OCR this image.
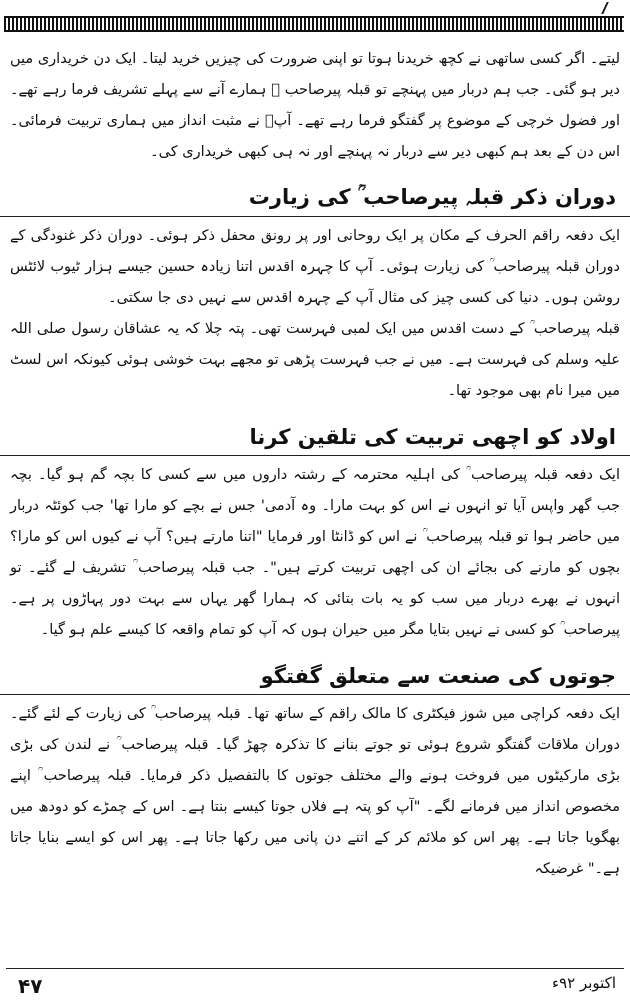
لیتے۔ اگر کسی ساتھی نے کچھ خریدنا ہوتا تو اپنی ضرورت کی چیزیں خرید لیتا۔ ایک دن خریداری میں دیر ہو گئی۔ جب ہم دربار میں پہنچے تو قبلہ پیرصاحب ؒ ہمارے آنے سے پہلے تشریف فرما رہے تھے۔ اور فضول خرچی کے موضوع پر گفتگو فرما رہے تھے۔ آپؒ نے مثبت انداز میں ہماری تربیت فرمائی۔ اس دن کے بعد ہم کبھی دیر سے دربار نہ پہنچے اور نہ ہی کبھی خریداری کی۔

دوران ذکر قبلہ پیرصاحب ؒ کی زیارت

ایک دفعہ راقم الحرف کے مکان پر ایک روحانی اور پر رونق محفل ذکر ہوئی۔ دوران ذکر غنودگی کے دوران قبلہ پیرصاحب ؒ کی زیارت ہوئی۔ آپ کا چہرہ اقدس اتنا زیادہ حسین جیسے ہزار ٹیوب لائٹس روشن ہوں۔ دنیا کی کسی چیز کی مثال آپ کے چہرہ اقدس سے نہیں دی جا سکتی۔

قبلہ پیرصاحب ؒ کے دست اقدس میں ایک لمبی فہرست تھی۔ پتہ چلا کہ یہ عشاقان رسول صلی اللہ علیہ وسلم کی فہرست ہے۔ میں نے جب فہرست پڑھی تو مجھے بہت خوشی ہوئی کیونکہ اس لسٹ میں میرا نام بھی موجود تھا۔

اولاد کو اچھی تربیت کی تلقین کرنا

ایک دفعہ قبلہ پیرصاحب ؒ کی اہلیہ محترمہ کے رشتہ داروں میں سے کسی کا بچہ گم ہو گیا۔ بچہ جب گھر واپس آیا تو انہوں نے اس کو بہت مارا۔ وہ آدمی' جس نے بچے کو مارا تھا' جب کوئٹہ دربار میں حاضر ہوا تو قبلہ پیرصاحب ؒ نے اس کو ڈانٹا اور فرمایا "اتنا مارتے ہیں؟ آپ نے کیوں اس کو مارا؟ بچوں کو مارنے کی بجائے ان کی اچھی تربیت کرتے ہیں"۔ جب قبلہ پیرصاحب ؒ تشریف لے گئے۔ تو انہوں نے بھرے دربار میں سب کو یہ بات بتائی کہ ہمارا گھر یہاں سے بہت دور پہاڑوں پر ہے۔ پیرصاحب ؒ کو کسی نے نہیں بتایا مگر میں حیران ہوں کہ آپ کو تمام واقعہ کا کیسے علم ہو گیا۔

جوتوں کی صنعت سے متعلق گفتگو

ایک دفعہ کراچی میں شوز فیکٹری کا مالک راقم کے ساتھ تھا۔ قبلہ پیرصاحب ؒ کی زیارت کے لئے گئے۔ دوران ملاقات گفتگو شروع ہوئی تو جوتے بنانے کا تذکرہ چھڑ گیا۔ قبلہ پیرصاحب ؒ نے لندن کی بڑی بڑی مارکیٹوں میں فروخت ہونے والے مختلف جوتوں کا بالتفصیل ذکر فرمایا۔ قبلہ پیرصاحب ؒ اپنے مخصوص انداز میں فرمانے لگے۔ "آپ کو پتہ ہے فلاں جوتا کیسے بنتا ہے۔ اس کے چمڑے کو دودھ میں بھگویا جاتا ہے۔ پھر اس کو ملائم کر کے اتنے دن پانی میں رکھا جاتا ہے۔ پھر اس کو ایسے بنایا جاتا ہے۔" غرضیکہ

۴۷	اکتوبر ۹۲ء
